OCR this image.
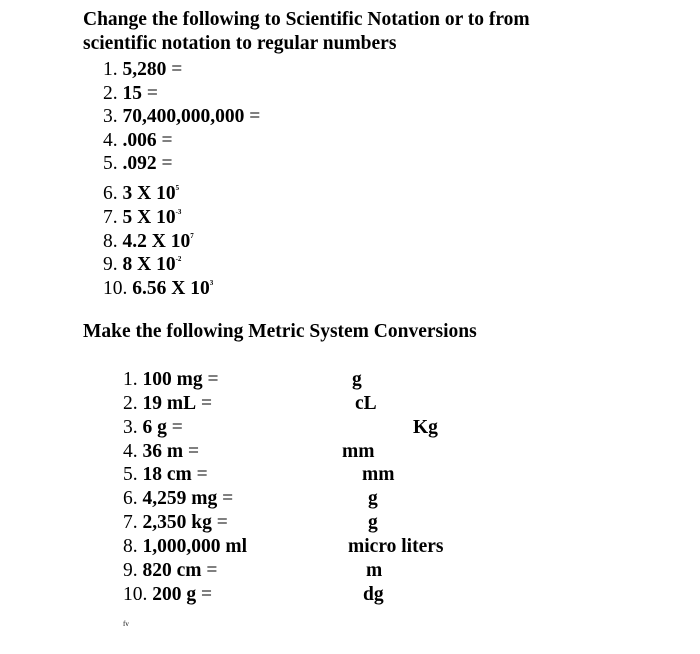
Change the following to Scientific Notation or to from
scientific notation to regular numbers
1. 5,280 =
2. 15 =
3. 70,400,000,000 =
4. .006 =
5. .092 =
6. 3 X $10^5$
7. 5 X $10^{-3}$
8. 4.2 X $10^7$
9. 8 X $10^{-2}$
10. 6.56 X $10^3$
Make the following Metric System Conversions
1. 100 mg =
2. 19 mL =
3. 6 g =
4. 36 m =
5. 18 cm =
6. 4,259 mg =
7. 2,350 kg =
8. 1,000,000 ml
9. 820 cm =
10. 200 g =
g
cL
Kg
mm
mm
g
g
micro liters
m
dg
fv
